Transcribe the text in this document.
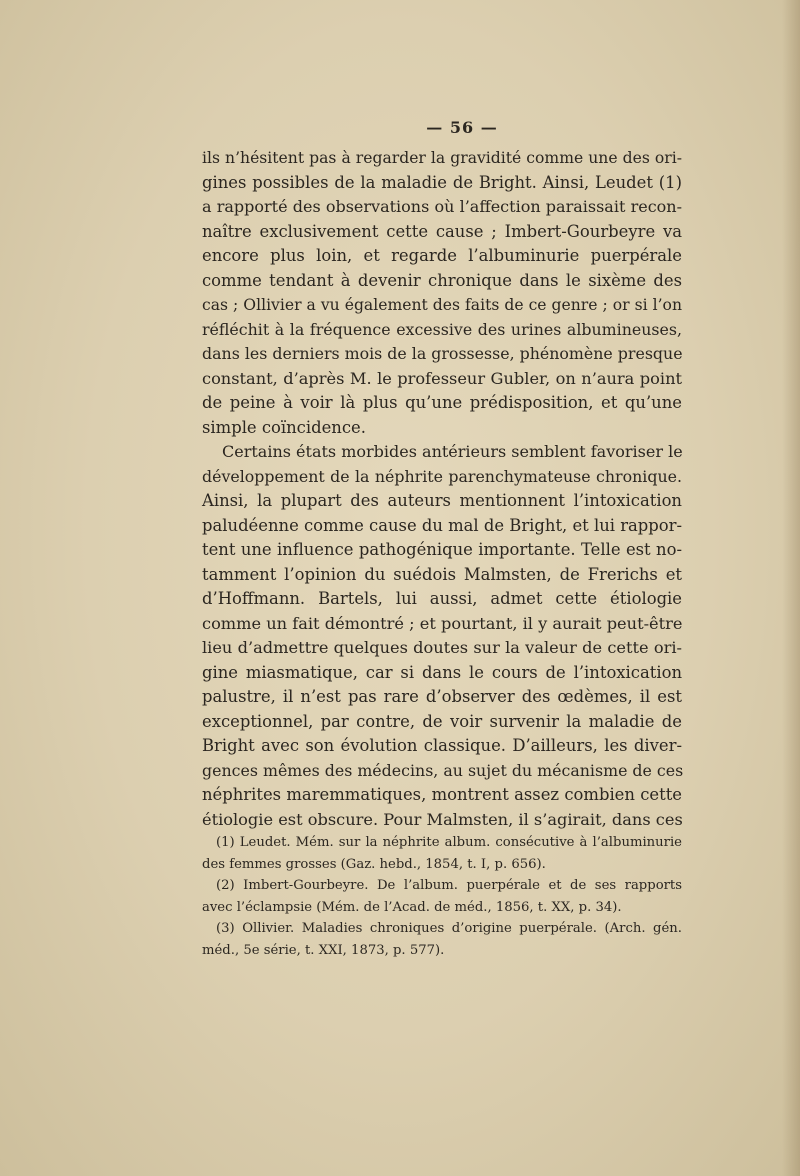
— 56 —
ils n’hésitent pas à regarder la gravidité comme une des ori-
gines possibles de la maladie de Bright. Ainsi, Leudet (1)
a rapporté des observations où l’affection paraissait recon-
naître exclusivement cette cause ; Imbert-Gourbeyre va
encore plus loin, et regarde l’albuminurie puerpérale
comme tendant à devenir chronique dans le sixème des
cas ; Ollivier a vu également des faits de ce genre ; or si l’on
réfléchit à la fréquence excessive des urines albumineuses,
dans les derniers mois de la grossesse, phénomène presque
constant, d’après M. le professeur Gubler, on n’aura point
de peine à voir là plus qu’une prédisposition, et qu’une
simple coïncidence.
Certains états morbides antérieurs semblent favoriser le
développement de la néphrite parenchymateuse chronique.
Ainsi, la plupart des auteurs mentionnent l’intoxication
paludéenne comme cause du mal de Bright, et lui rappor-
tent une influence pathogénique importante. Telle est no-
tamment l’opinion du suédois Malmsten, de Frerichs et
d’Hoffmann. Bartels, lui aussi, admet cette étiologie
comme un fait démontré ; et pourtant, il y aurait peut-être
lieu d’admettre quelques doutes sur la valeur de cette ori-
gine miasmatique, car si dans le cours de l’intoxication
palustre, il n’est pas rare d’observer des œdèmes, il est
exceptionnel, par contre, de voir survenir la maladie de
Bright avec son évolution classique. D’ailleurs, les diver-
gences mêmes des médecins, au sujet du mécanisme de ces
néphrites maremmatiques, montrent assez combien cette
étiologie est obscure. Pour Malmsten, il s’agirait, dans ces
(1) Leudet. Mém. sur la néphrite album. consécutive à l’albuminurie
des femmes grosses (Gaz. hebd., 1854, t. I, p. 656).
(2) Imbert-Gourbeyre. De l’album. puerpérale et de ses rapports
avec l’éclampsie (Mém. de l’Acad. de méd., 1856, t. XX, p. 34).
(3) Ollivier. Maladies chroniques d’origine puerpérale. (Arch. gén.
méd., 5e série, t. XXI, 1873, p. 577).
